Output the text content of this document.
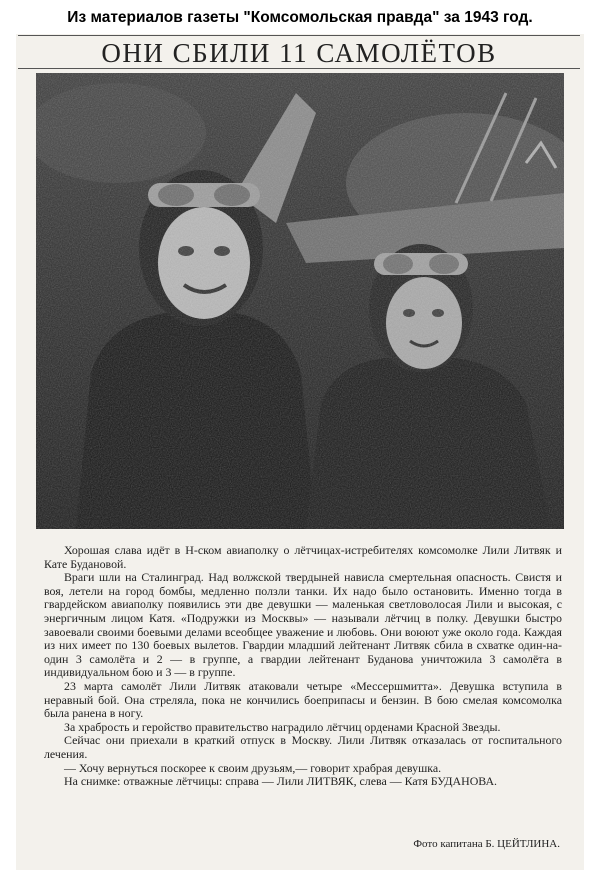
Из материалов газеты "Комсомольская правда" за 1943 год.
ОНИ СБИЛИ 11 САМОЛЁТОВ

Хорошая слава идёт в Н-ском авиаполку о лётчицах-истребителях комсомолке Лили Литвяк и Кате Будановой.

Враги шли на Сталинград. Над волжской твердыней нависла смертельная опасность. Свистя и воя, летели на город бомбы, медленно ползли танки. Их надо было остановить. Именно тогда в гвардейском авиаполку появились эти две девушки — маленькая светловолосая Лили и высокая, с энергичным лицом Катя. «Подружки из Москвы» — называли лётчиц в полку. Девушки быстро завоевали своими боевыми делами всеобщее уважение и любовь. Они воюют уже около года. Каждая из них имеет по 130 боевых вылетов. Гвардии младший лейтенант Литвяк сбила в схватке один-на-один 3 самолёта и 2 — в группе, а гвардии лейтенант Буданова уничтожила 3 самолёта в индивидуальном бою и 3 — в группе.

23 марта самолёт Лили Литвяк атаковали четыре «Мессершмитта». Девушка вступила в неравный бой. Она стреляла, пока не кончились боеприпасы и бензин. В бою смелая комсомолка была ранена в ногу.

За храбрость и геройство правительство наградило лётчиц орденами Красной Звезды.

Сейчас они приехали в краткий отпуск в Москву. Лили Литвяк отказалась от госпитального лечения.

— Хочу вернуться поскорее к своим друзьям,— говорит храбрая девушка.

На снимке: отважные лётчицы: справа — Лили ЛИТВЯК, слева — Катя БУДАНОВА.

Фото капитана Б. ЦЕЙТЛИНА.
